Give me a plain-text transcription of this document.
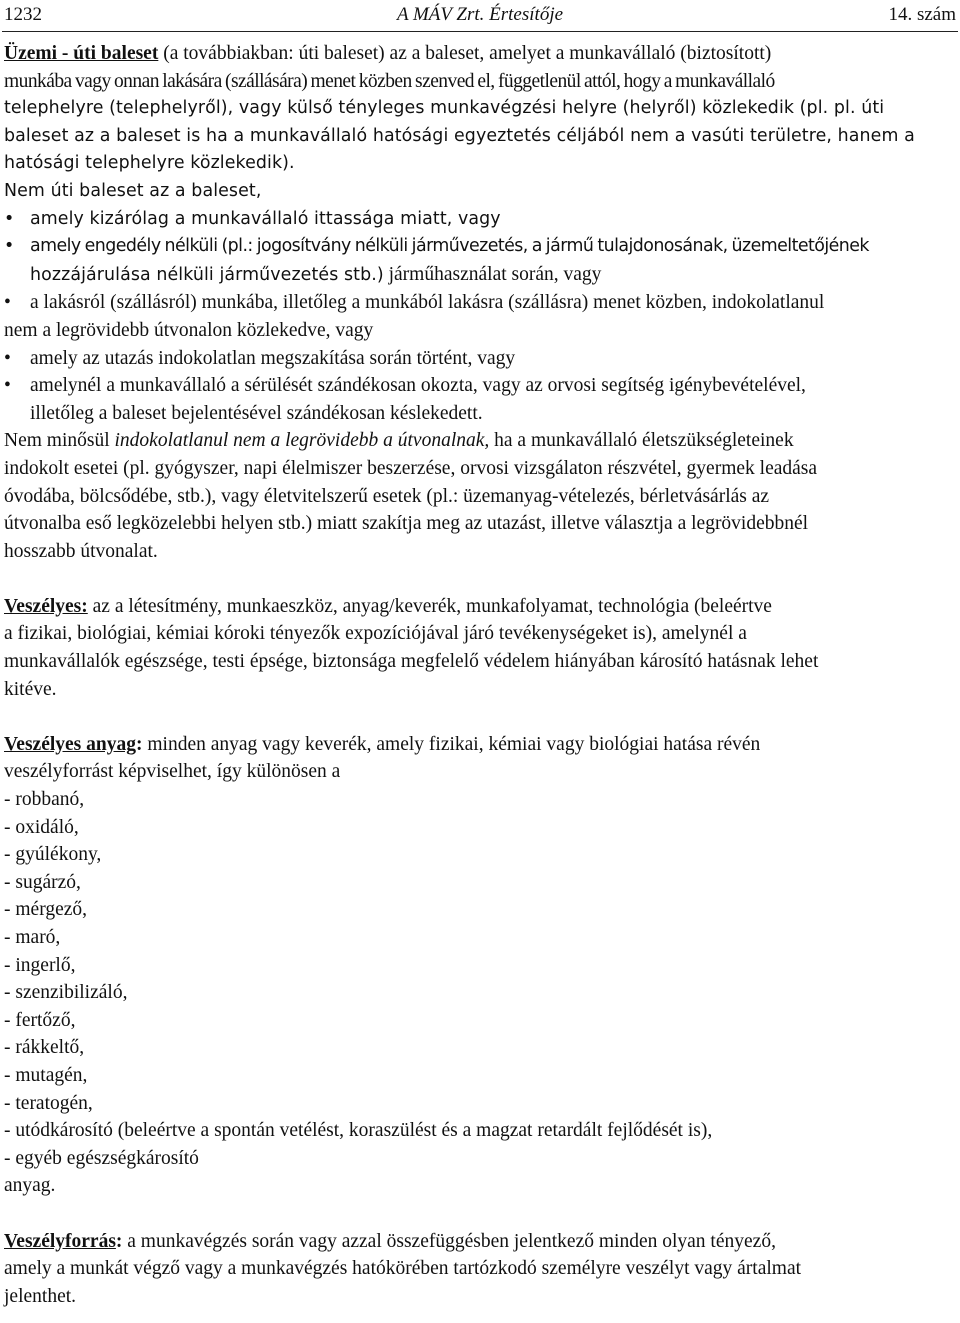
1232	A MÁV Zrt. Értesítője	14. szám

Üzemi - úti baleset (a továbbiakban: úti baleset) az a baleset, amelyet a munkavállaló (biztosított)

munkába vagy onnan lakására (szállására) menet közben szenved el, függetlenül attól, hogy a munkavállaló

telephelyre (telephelyről), vagy külső tényleges munkavégzési helyre (helyről) közlekedik (pl. pl. úti

baleset az a baleset is ha a munkavállaló hatósági egyeztetés céljából nem a vasúti területre, hanem a

hatósági telephelyre közlekedik).

Nem úti baleset az a baleset,

• amely kizárólag a munkavállaló ittassága miatt, vagy

• amely engedély nélküli (pl.: jogosítvány nélküli járművezetés, a jármű tulajdonosának, üzemeltetőjének

hozzájárulása nélküli járművezetés stb.) járműhasználat során, vagy

• a lakásról (szállásról) munkába, illetőleg a munkából lakásra (szállásra) menet közben, indokolatlanul

nem a legrövidebb útvonalon közlekedve, vagy

• amely az utazás indokolatlan megszakítása során történt, vagy

• amelynél a munkavállaló a sérülését szándékosan okozta, vagy az orvosi segítség igénybevételével,

illetőleg a baleset bejelentésével szándékosan késlekedett.

Nem minősül indokolatlanul nem a legrövidebb a útvonalnak, ha a munkavállaló életszükségleteinek

indokolt esetei (pl. gyógyszer, napi élelmiszer beszerzése, orvosi vizsgálaton részvétel, gyermek leadása

óvodába, bölcsődébe, stb.), vagy életvitelszerű esetek (pl.: üzemanyag-vételezés, bérletvásárlás az

útvonalba eső legközelebbi helyen stb.) miatt szakítja meg az utazást, illetve választja a legrövidebbnél

hosszabb útvonalat.

Veszélyes: az a létesítmény, munkaeszköz, anyag/keverék, munkafolyamat, technológia (beleértve

a fizikai, biológiai, kémiai kóroki tényezők expozíciójával járó tevékenységeket is), amelynél a

munkavállalók egészsége, testi épsége, biztonsága megfelelő védelem hiányában károsító hatásnak lehet

kitéve.

Veszélyes anyag: minden anyag vagy keverék, amely fizikai, kémiai vagy biológiai hatása révén

veszélyforrást képviselhet, így különösen a

- robbanó,

- oxidáló,

- gyúlékony,

- sugárzó,

- mérgező,

- maró,

- ingerlő,

- szenzibilizáló,

- fertőző,

- rákkeltő,

- mutagén,

- teratogén,

- utódkárosító (beleértve a spontán vetélést, koraszülést és a magzat retardált fejlődését is),

- egyéb egészségkárosító

anyag.

Veszélyforrás: a munkavégzés során vagy azzal összefüggésben jelentkező minden olyan tényező,

amely a munkát végző vagy a munkavégzés hatókörében tartózkodó személyre veszélyt vagy ártalmat

jelenthet.
